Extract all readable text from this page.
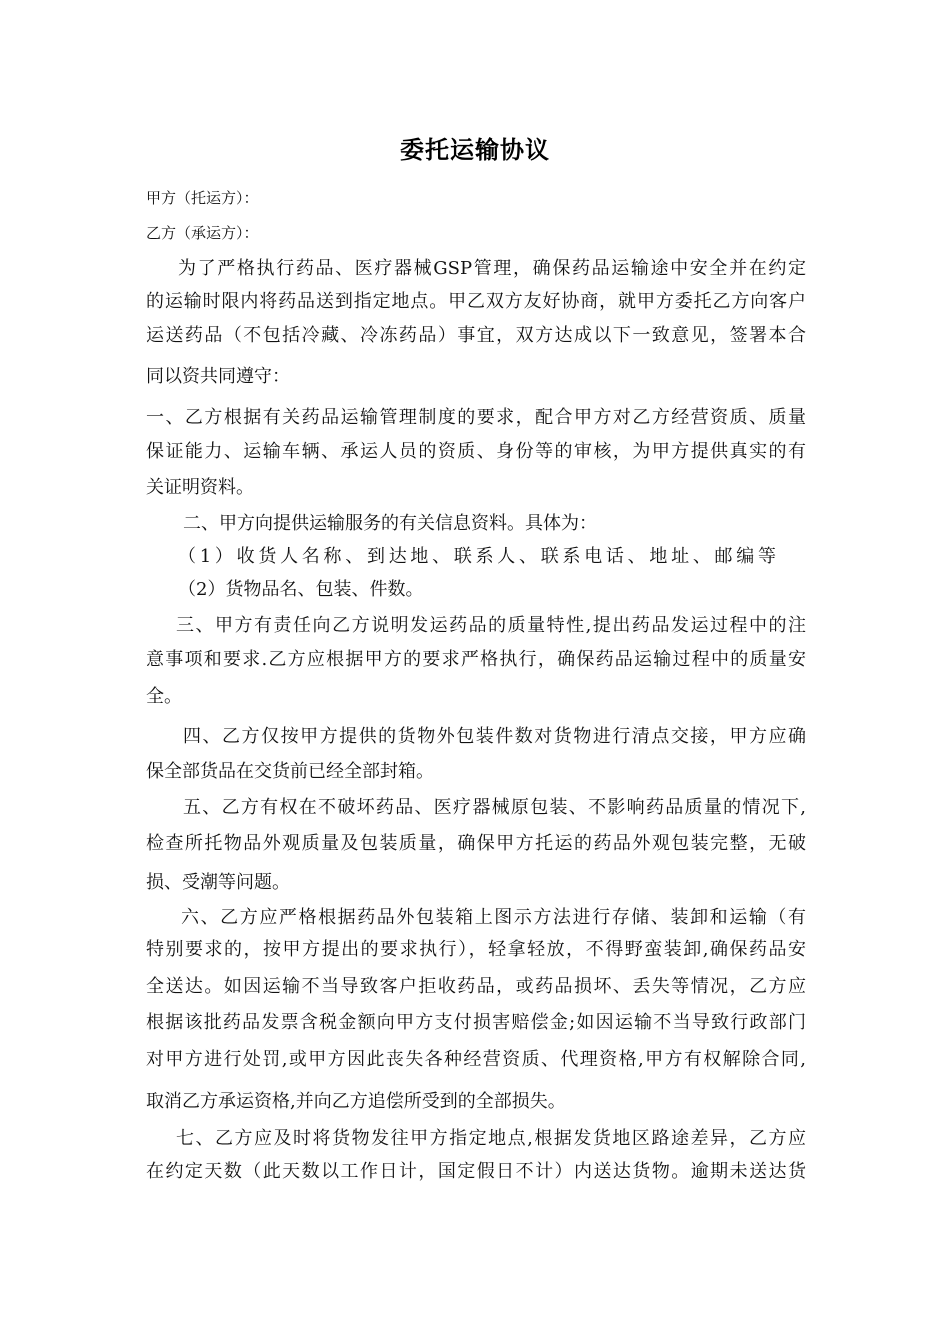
委托运输协议
甲方（托运方）：
乙方（承运方）：
为了严格执行药品、医疗器械GSP管理，确保药品运输途中安全并在约定
的运输时限内将药品送到指定地点。甲乙双方友好协商，就甲方委托乙方向客户
运送药品（不包括冷藏、冷冻药品）事宜，双方达成以下一致意见，签署本合
同以资共同遵守：
一、乙方根据有关药品运输管理制度的要求，配合甲方对乙方经营资质、质量
保证能力、运输车辆、承运人员的资质、身份等的审核，为甲方提供真实的有
关证明资料。
二、甲方向提供运输服务的有关信息资料。具体为：
（1）收货人名称、到达地、联系人、联系电话、地址、邮编等
（2）货物品名、包装、件数。
三、甲方有责任向乙方说明发运药品的质量特性,提出药品发运过程中的注
意事项和要求.乙方应根据甲方的要求严格执行，确保药品运输过程中的质量安
全。
四、乙方仅按甲方提供的货物外包装件数对货物进行清点交接，甲方应确
保全部货品在交货前已经全部封箱。
五、乙方有权在不破坏药品、医疗器械原包装、不影响药品质量的情况下,
检查所托物品外观质量及包装质量，确保甲方托运的药品外观包装完整，无破
损、受潮等问题。
六、乙方应严格根据药品外包装箱上图示方法进行存储、装卸和运输（有
特别要求的，按甲方提出的要求执行），轻拿轻放，不得野蛮装卸,确保药品安
全送达。如因运输不当导致客户拒收药品，或药品损坏、丢失等情况，乙方应
根据该批药品发票含税金额向甲方支付损害赔偿金;如因运输不当导致行政部门
对甲方进行处罚,或甲方因此丧失各种经营资质、代理资格,甲方有权解除合同,
取消乙方承运资格,并向乙方追偿所受到的全部损失。
七、乙方应及时将货物发往甲方指定地点,根据发货地区路途差异，乙方应
在约定天数（此天数以工作日计，国定假日不计）内送达货物。逾期未送达货
